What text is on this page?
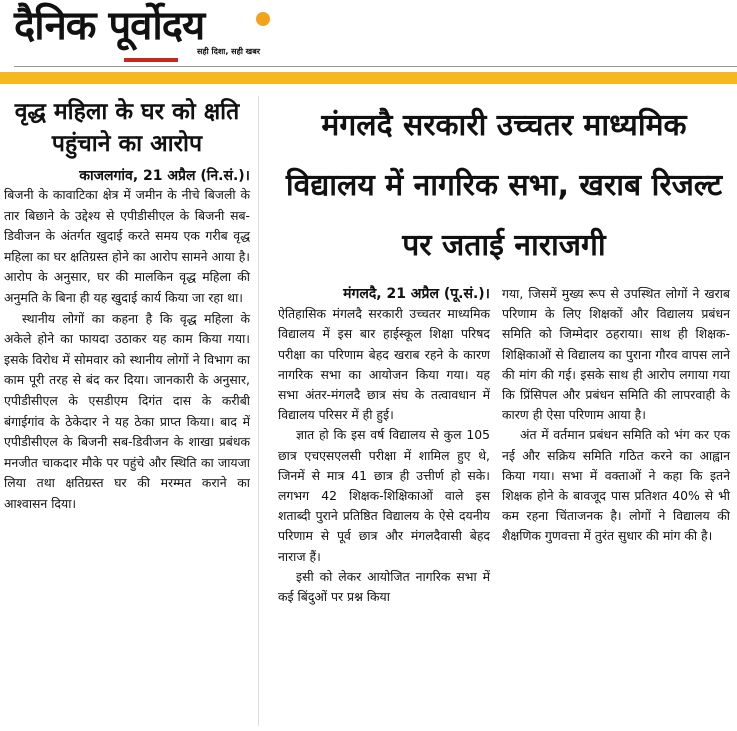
दैनिक पूर्वोदय
सही दिशा, सही खबर
वृद्ध महिला के घर को क्षति पहुंचाने का आरोप
काजलगांव, 21 अप्रैल (नि.सं.)।

बिजनी के कावाटिका क्षेत्र में जमीन के नीचे बिजली के तार बिछाने के उद्देश्य से एपीडीसीएल के बिजनी सब-डिवीजन के अंतर्गत खुदाई करते समय एक गरीब वृद्ध महिला का घर क्षतिग्रस्त होने का आरोप सामने आया है। आरोप के अनुसार, घर की मालकिन वृद्ध महिला की अनुमति के बिना ही यह खुदाई कार्य किया जा रहा था।

स्थानीय लोगों का कहना है कि वृद्ध महिला के अकेले होने का फायदा उठाकर यह काम किया गया। इसके विरोध में सोमवार को स्थानीय लोगों ने विभाग का काम पूरी तरह से बंद कर दिया। जानकारी के अनुसार, एपीडीसीएल के एसडीएम दिगंत दास के करीबी बंगाईगांव के ठेकेदार ने यह ठेका प्राप्त किया। बाद में एपीडीसीएल के बिजनी सब-डिवीजन के शाखा प्रबंधक मनजीत चाकदार मौके पर पहुंचे और स्थिति का जायजा लिया तथा क्षतिग्रस्त घर की मरम्मत कराने का आश्वासन दिया।

मंगलदै सरकारी उच्चतर माध्यमिक विद्यालय में नागरिक सभा, खराब रिजल्ट पर जताई नाराजगी
मंगलदै, 21 अप्रैल (पू.सं.)।

ऐतिहासिक मंगलदै सरकारी उच्चतर माध्यमिक विद्यालय में इस बार हाईस्कूल शिक्षा परिषद परीक्षा का परिणाम बेहद खराब रहने के कारण नागरिक सभा का आयोजन किया गया। यह सभा अंतर-मंगलदै छात्र संघ के तत्वावधान में विद्यालय परिसर में ही हुई।

ज्ञात हो कि इस वर्ष विद्यालय से कुल 105 छात्र एचएसएलसी परीक्षा में शामिल हुए थे, जिनमें से मात्र 41 छात्र ही उत्तीर्ण हो सके। लगभग 42 शिक्षक-शिक्षिकाओं वाले इस शताब्दी पुराने प्रतिष्ठित विद्यालय के ऐसे दयनीय परिणाम से पूर्व छात्र और मंगलदैवासी बेहद नाराज हैं।

इसी को लेकर आयोजित नागरिक सभा में कई बिंदुओं पर प्रश्न किया

गया, जिसमें मुख्य रूप से उपस्थित लोगों ने खराब परिणाम के लिए शिक्षकों और विद्यालय प्रबंधन समिति को जिम्मेदार ठहराया। साथ ही शिक्षक-शिक्षिकाओं से विद्यालय का पुराना गौरव वापस लाने की मांग की गई। इसके साथ ही आरोप लगाया गया कि प्रिंसिपल और प्रबंधन समिति की लापरवाही के कारण ही ऐसा परिणाम आया है।

अंत में वर्तमान प्रबंधन समिति को भंग कर एक नई और सक्रिय समिति गठित करने का आह्वान किया गया। सभा में वक्ताओं ने कहा कि इतने शिक्षक होने के बावजूद पास प्रतिशत 40% से भी कम रहना चिंताजनक है। लोगों ने विद्यालय की शैक्षणिक गुणवत्ता में तुरंत सुधार की मांग की है।
